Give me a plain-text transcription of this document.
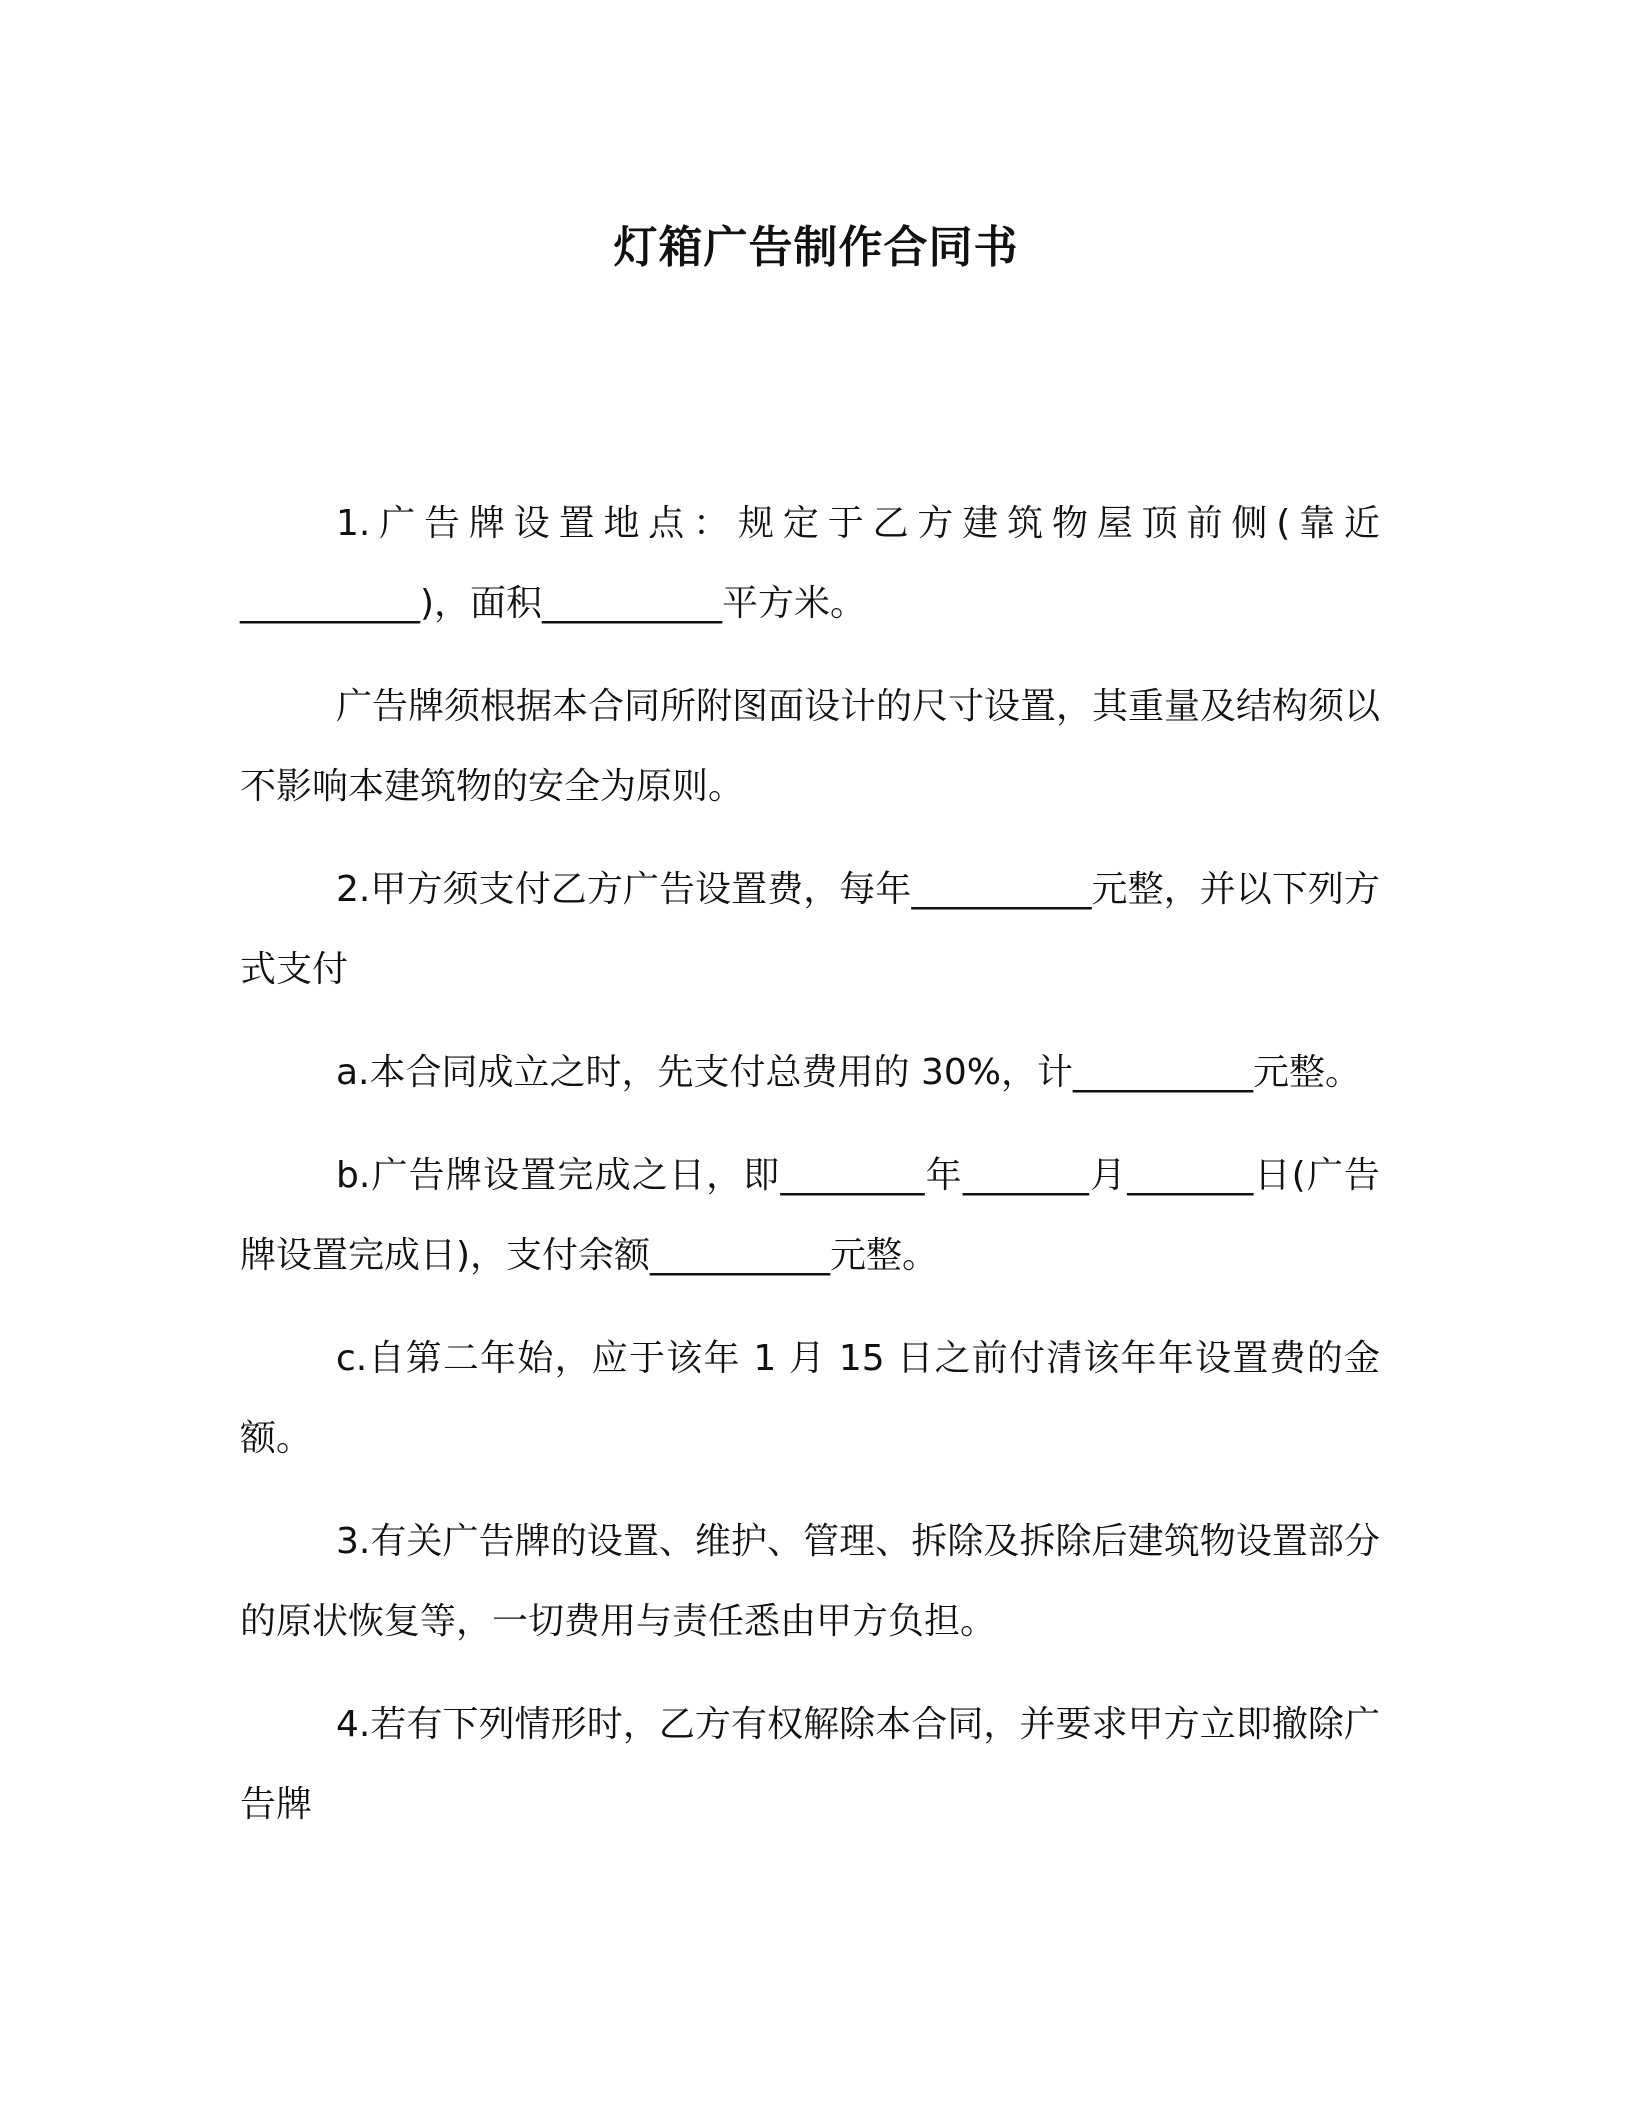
灯箱广告制作合同书

1.广告牌设置地点：规定于乙方建筑物屋顶前侧(靠近__________)，面积__________平方米。

广告牌须根据本合同所附图面设计的尺寸设置，其重量及结构须以不影响本建筑物的安全为原则。

2.甲方须支付乙方广告设置费，每年__________元整，并以下列方式支付

a.本合同成立之时，先支付总费用的 30%，计__________元整。

b.广告牌设置完成之日，即________年_______月_______日(广告牌设置完成日)，支付余额__________元整。

c.自第二年始，应于该年 1 月 15 日之前付清该年年设置费的金额。

3.有关广告牌的设置、维护、管理、拆除及拆除后建筑物设置部分的原状恢复等，一切费用与责任悉由甲方负担。

4.若有下列情形时，乙方有权解除本合同，并要求甲方立即撤除广告牌
